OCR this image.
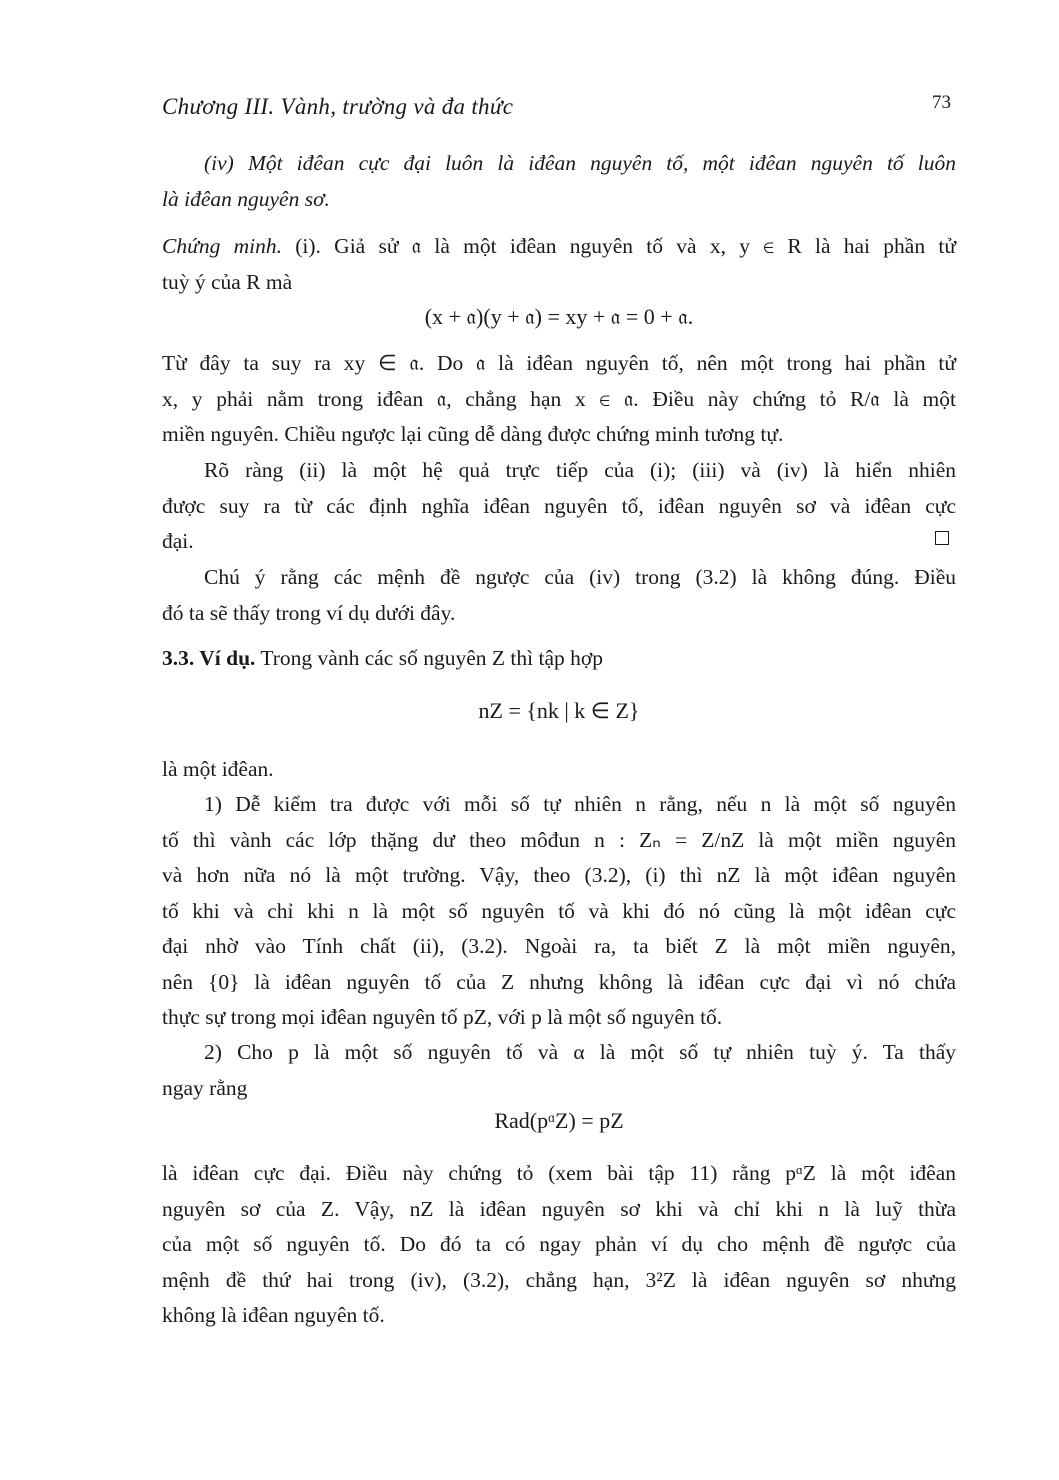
Chương III. Vành, trường và đa thức	73
(iv) Một iđêan cực đại luôn là iđêan nguyên tố, một iđêan nguyên tố luôn
là iđêan nguyên sơ.
Chứng minh. (i). Giả sử 𝔞 là một iđêan nguyên tố và x, y ∈ R là hai phần tử
tuỳ ý của R mà
(x + 𝔞)(y + 𝔞) = xy + 𝔞 = 0 + 𝔞.
Từ đây ta suy ra xy ∈ 𝔞. Do 𝔞 là iđêan nguyên tố, nên một trong hai phần tử
x, y phải nằm trong iđêan 𝔞, chẳng hạn x ∈ 𝔞. Điều này chứng tỏ R/𝔞 là một
miền nguyên. Chiều ngược lại cũng dễ dàng được chứng minh tương tự.
Rõ ràng (ii) là một hệ quả trực tiếp của (i); (iii) và (iv) là hiển nhiên
được suy ra từ các định nghĩa iđêan nguyên tố, iđêan nguyên sơ và iđêan cực
đại.
Chú ý rằng các mệnh đề ngược của (iv) trong (3.2) là không đúng. Điều
đó ta sẽ thấy trong ví dụ dưới đây.
3.3. Ví dụ. Trong vành các số nguyên Z thì tập hợp
nZ = {nk | k ∈ Z}
là một iđêan.
1) Dễ kiểm tra được với mỗi số tự nhiên n rằng, nếu n là một số nguyên
tố thì vành các lớp thặng dư theo môđun n : Zₙ = Z/nZ là một miền nguyên
và hơn nữa nó là một trường. Vậy, theo (3.2), (i) thì nZ là một iđêan nguyên
tố khi và chỉ khi n là một số nguyên tố và khi đó nó cũng là một iđêan cực
đại nhờ vào Tính chất (ii), (3.2). Ngoài ra, ta biết Z là một miền nguyên,
nên {0} là iđêan nguyên tố của Z nhưng không là iđêan cực đại vì nó chứa
thực sự trong mọi iđêan nguyên tố pZ, với p là một số nguyên tố.
2) Cho p là một số nguyên tố và α là một số tự nhiên tuỳ ý. Ta thấy
ngay rằng
Rad(pᵅZ) = pZ
là iđêan cực đại. Điều này chứng tỏ (xem bài tập 11) rằng pᵅZ là một iđêan
nguyên sơ của Z. Vậy, nZ là iđêan nguyên sơ khi và chỉ khi n là luỹ thừa
của một số nguyên tố. Do đó ta có ngay phản ví dụ cho mệnh đề ngược của
mệnh đề thứ hai trong (iv), (3.2), chẳng hạn, 3²Z là iđêan nguyên sơ nhưng
không là iđêan nguyên tố.
